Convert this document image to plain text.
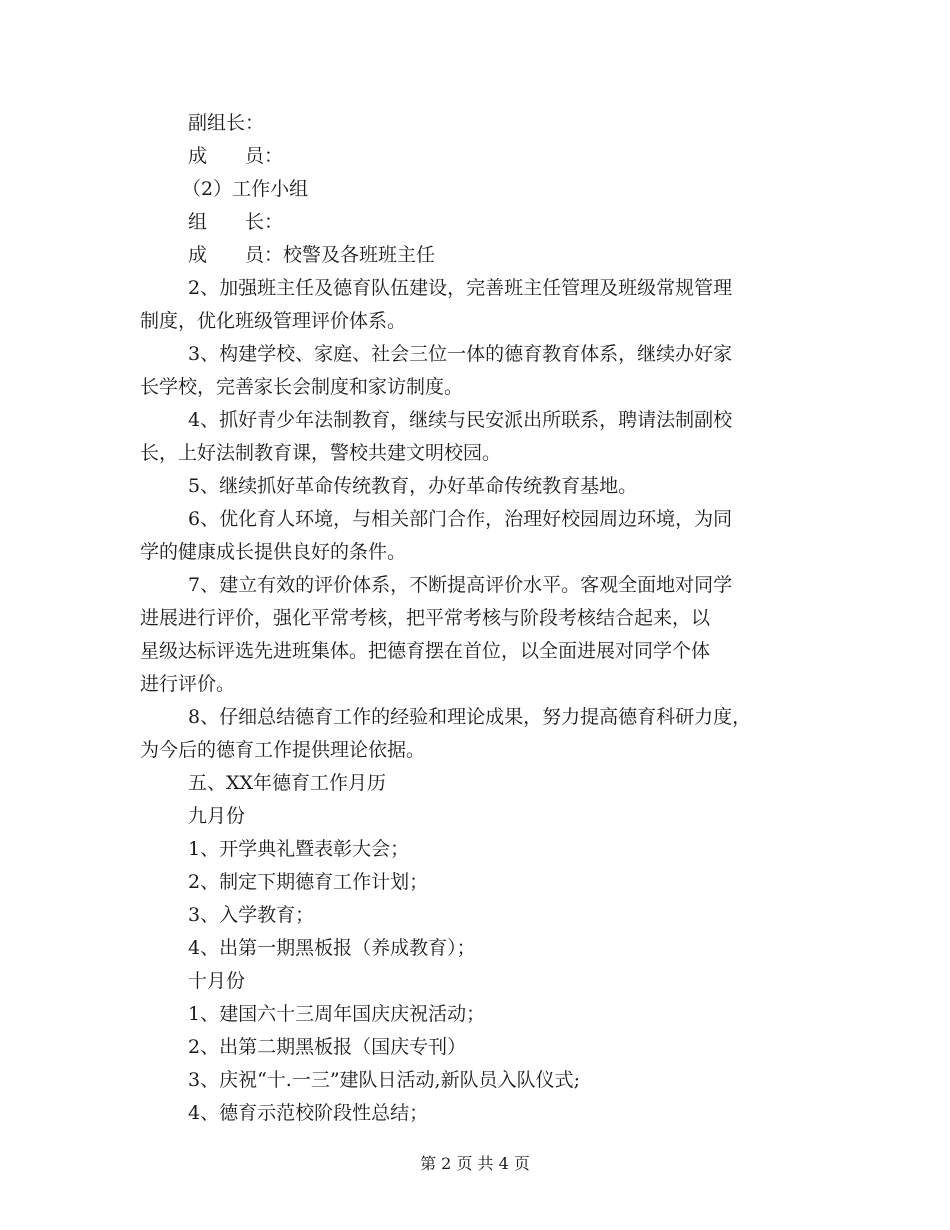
副组长：
成　　员：
（2）工作小组
组　　长：
成　　员：校警及各班班主任
2、加强班主任及德育队伍建设，完善班主任管理及班级常规管理
制度，优化班级管理评价体系。
3、构建学校、家庭、社会三位一体的德育教育体系，继续办好家
长学校，完善家长会制度和家访制度。
4、抓好青少年法制教育，继续与民安派出所联系，聘请法制副校
长，上好法制教育课，警校共建文明校园。
5、继续抓好革命传统教育，办好革命传统教育基地。
6、优化育人环境，与相关部门合作，治理好校园周边环境，为同
学的健康成长提供良好的条件。
7、建立有效的评价体系，不断提高评价水平。客观全面地对同学
进展进行评价，强化平常考核，把平常考核与阶段考核结合起来，以
星级达标评选先进班集体。把德育摆在首位，以全面进展对同学个体
进行评价。
8、仔细总结德育工作的经验和理论成果，努力提高德育科研力度，
为今后的德育工作提供理论依据。
五、XX年德育工作月历
九月份
1、开学典礼暨表彰大会；
2、制定下期德育工作计划；
3、入学教育；
4、出第一期黑板报（养成教育）；
十月份
1、建国六十三周年国庆庆祝活动；
2、出第二期黑板报（国庆专刊）
3、庆祝“十.一三”建队日活动,新队员入队仪式;
4、德育示范校阶段性总结；
第 2 页 共 4 页
